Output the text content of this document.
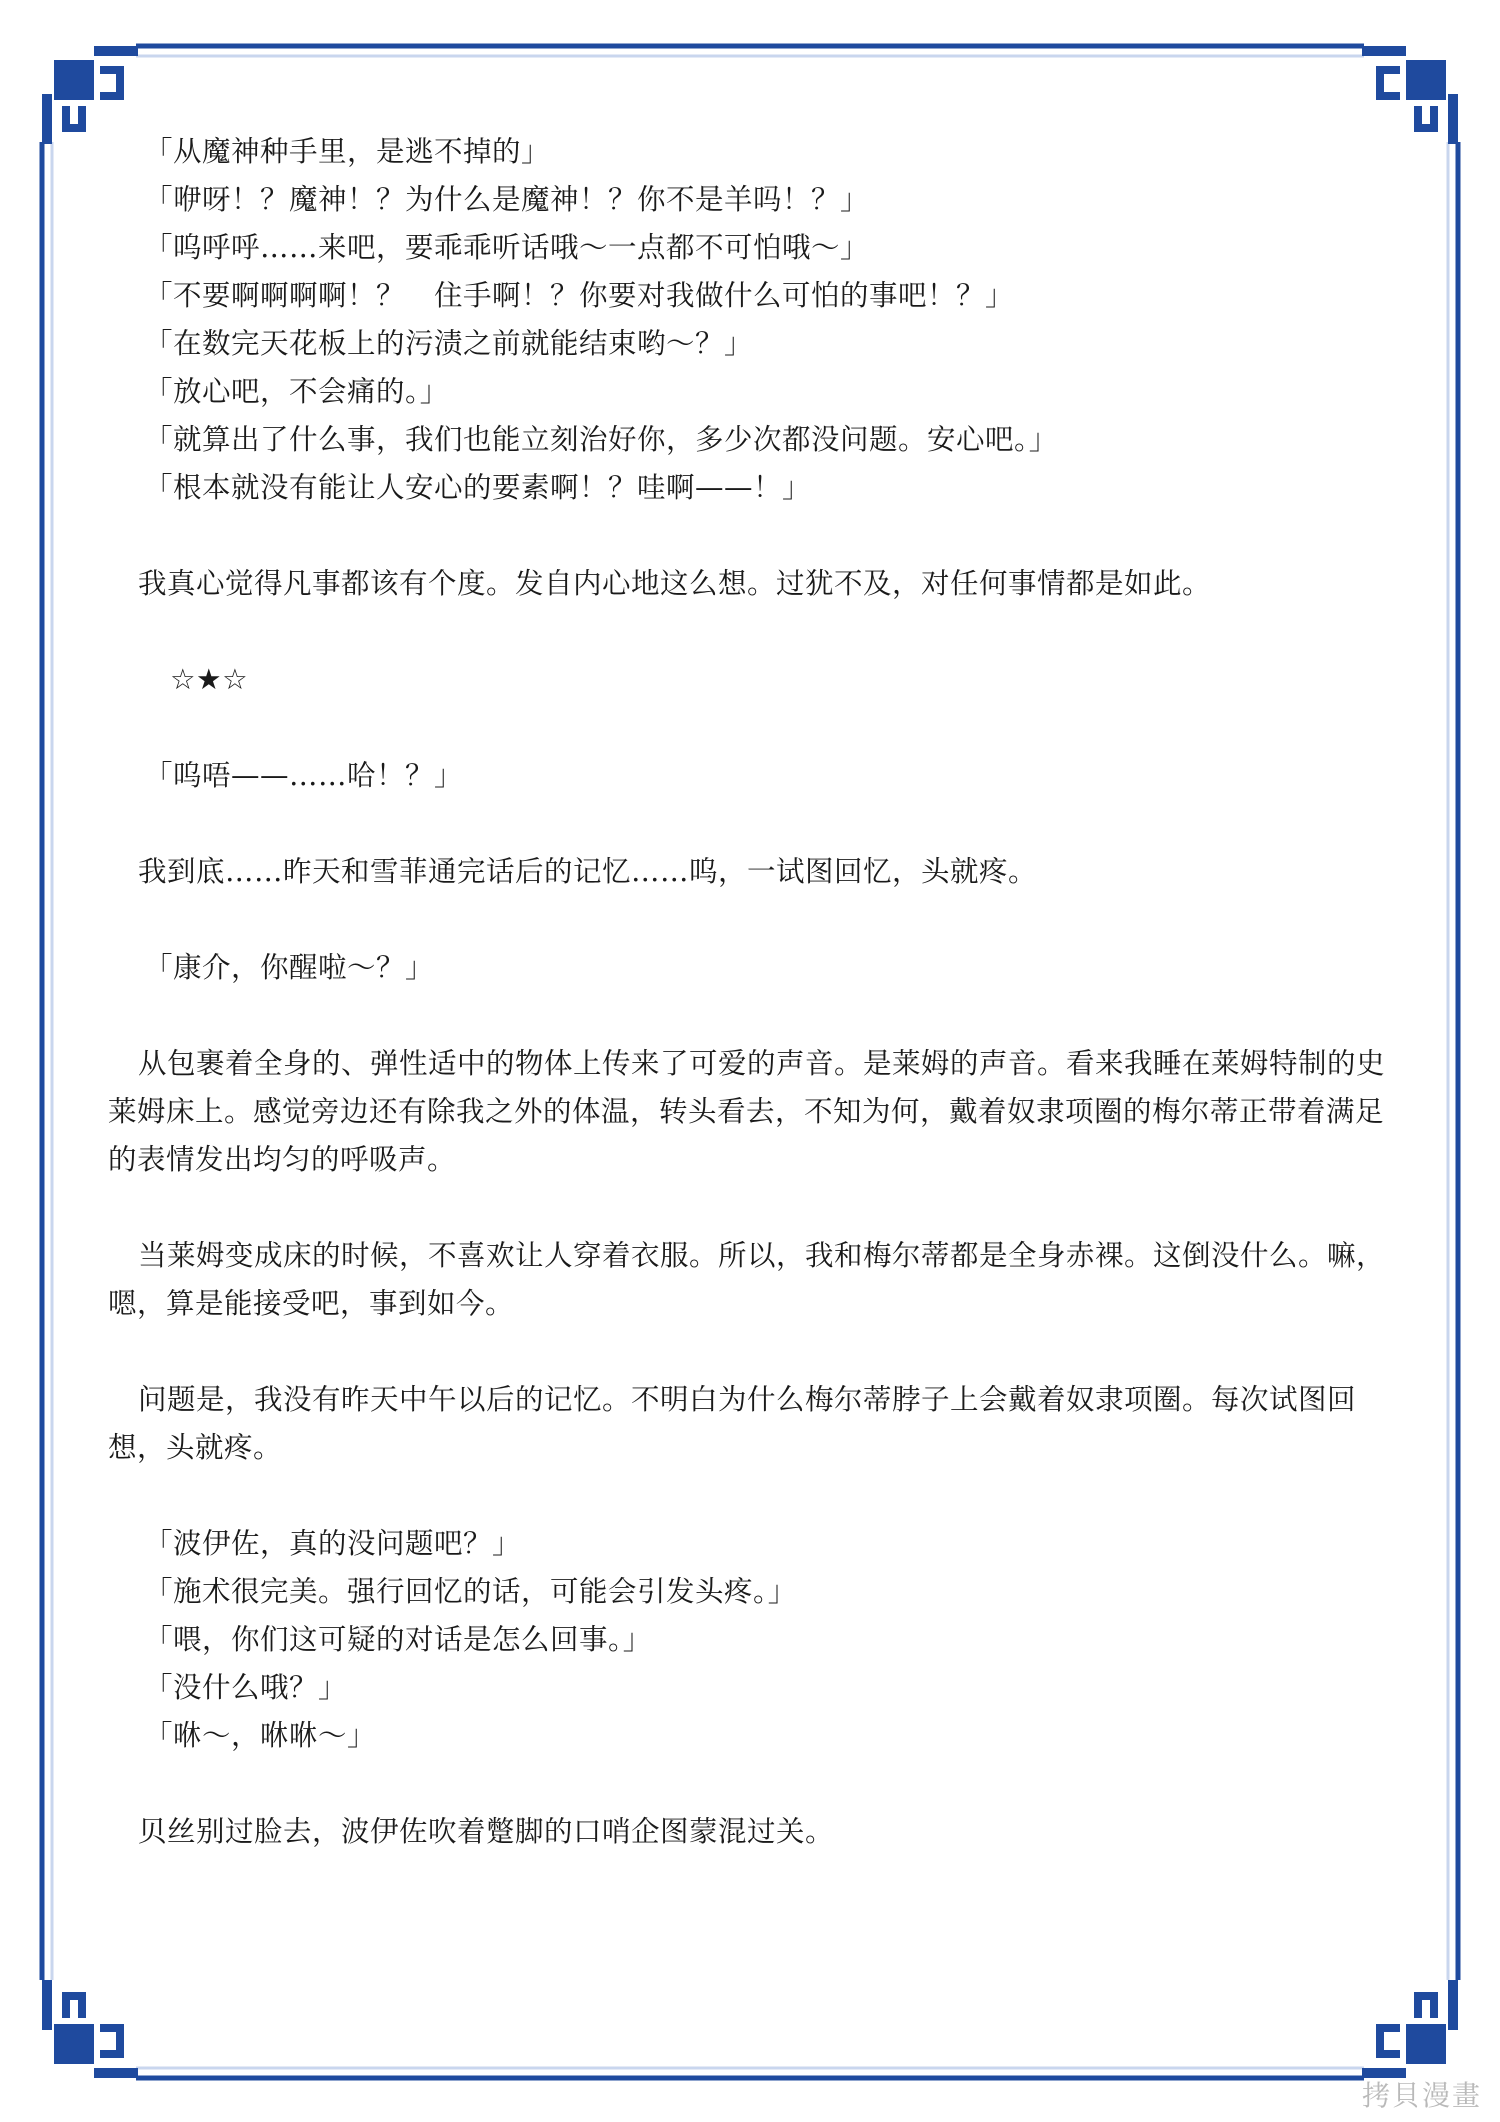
「从魔神种手里，是逃不掉的」
「咿呀！？魔神！？为什么是魔神！？你不是羊吗！？」
「呜呼呼……来吧，要乖乖听话哦～一点都不可怕哦～」
「不要啊啊啊啊！？　住手啊！？你要对我做什么可怕的事吧！？」
「在数完天花板上的污渍之前就能结束哟～？」
「放心吧，不会痛的。」
「就算出了什么事，我们也能立刻治好你，多少次都没问题。安心吧。」
「根本就没有能让人安心的要素啊！？哇啊——！」
我真心觉得凡事都该有个度。发自内心地这么想。过犹不及，对任何事情都是如此。
☆★☆
「呜唔——……哈！？」
我到底……昨天和雪菲通完话后的记忆……呜，一试图回忆，头就疼。
「康介，你醒啦～？」
从包裹着全身的、弹性适中的物体上传来了可爱的声音。是莱姆的声音。看来我睡在莱姆特制的史莱姆床上。感觉旁边还有除我之外的体温，转头看去，不知为何，戴着奴隶项圈的梅尔蒂正带着满足的表情发出均匀的呼吸声。
当莱姆变成床的时候，不喜欢让人穿着衣服。所以，我和梅尔蒂都是全身赤裸。这倒没什么。嘛，嗯，算是能接受吧，事到如今。
问题是，我没有昨天中午以后的记忆。不明白为什么梅尔蒂脖子上会戴着奴隶项圈。每次试图回想，头就疼。
「波伊佐，真的没问题吧？」
「施术很完美。强行回忆的话，可能会引发头疼。」
「喂，你们这可疑的对话是怎么回事。」
「没什么哦？」
「咻～，咻咻～」
贝丝别过脸去，波伊佐吹着蹩脚的口哨企图蒙混过关。
拷貝漫畫
